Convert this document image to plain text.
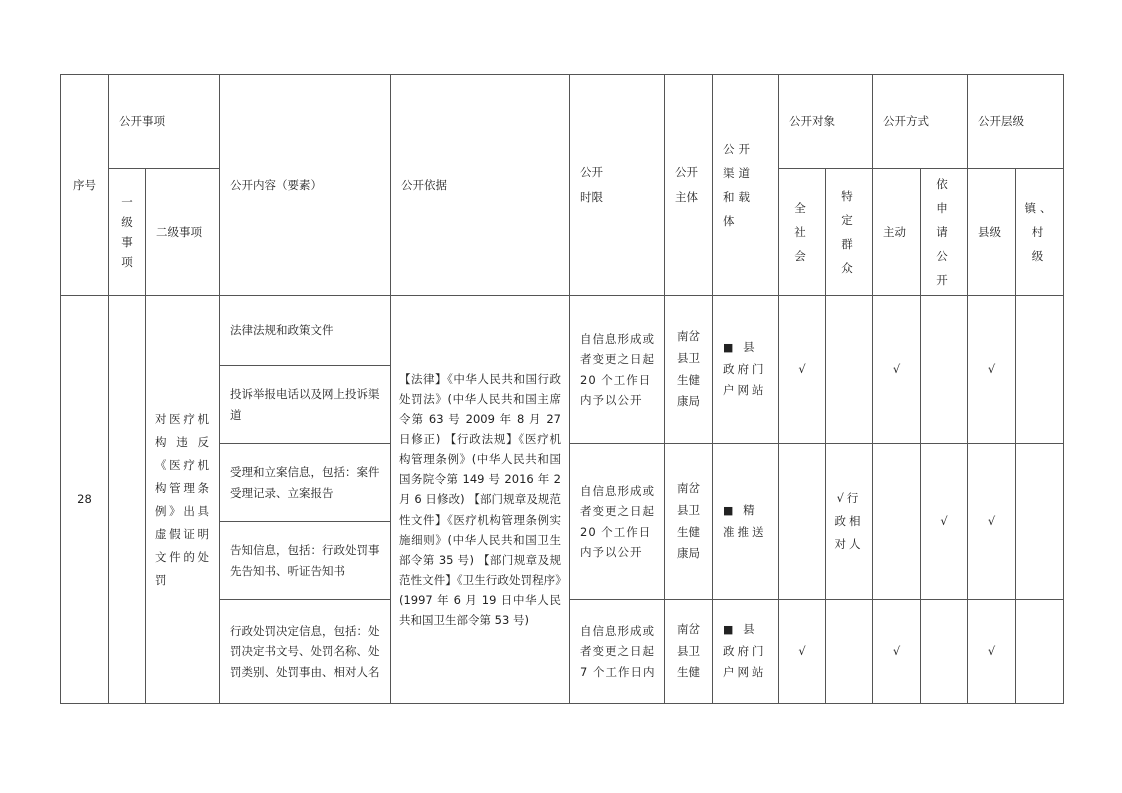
序号	公开事项		公开内容（要素）	公开依据	公开时限	公开主体	公开渠道和载体	公开对象		公开方式		公开层级	

	一级事项	二级事项						全社会	特定群众	主动	依申请公开	县级	镇、村级

28		对医疗机构违反《医疗机构管理条例》出具虚假证明文件的处罚	法律法规和政策文件	【法律】《中华人民共和国行政处罚法》(中华人民共和国主席令第 63 号 2009 年 8 月 27 日修正) 【行政法规】《医疗机构管理条例》(中华人民共和国国务院令第 149 号 2016 年 2 月 6 日修改) 【部门规章及规范性文件】《医疗机构管理条例实施细则》(中华人民共和国卫生部令第 35 号) 【部门规章及规范性文件】《卫生行政处罚程序》(1997 年 6 月 19 日中华人民共和国卫生部令第 53 号)	自信息形成或者变更之日起 20 个工作日内予以公开	南岔县卫生健康局	■ 县政府门户网站	√		√		√	
			投诉举报电话以及网上投诉渠道										
			受理和立案信息，包括：案件受理记录、立案报告		自信息形成或者变更之日起 20 个工作日内予以公开	南岔县卫生健康局	■ 精准推送		√行政相对人		√	√	
			告知信息，包括：行政处罚事先告知书、听证告知书										
			行政处罚决定信息，包括：处罚决定书文号、处罚名称、处罚类别、处罚事由、相对人名		自信息形成或者变更之日起 7 个工作日内	南岔县卫生健	■ 县政府门户网站	√		√		√	
